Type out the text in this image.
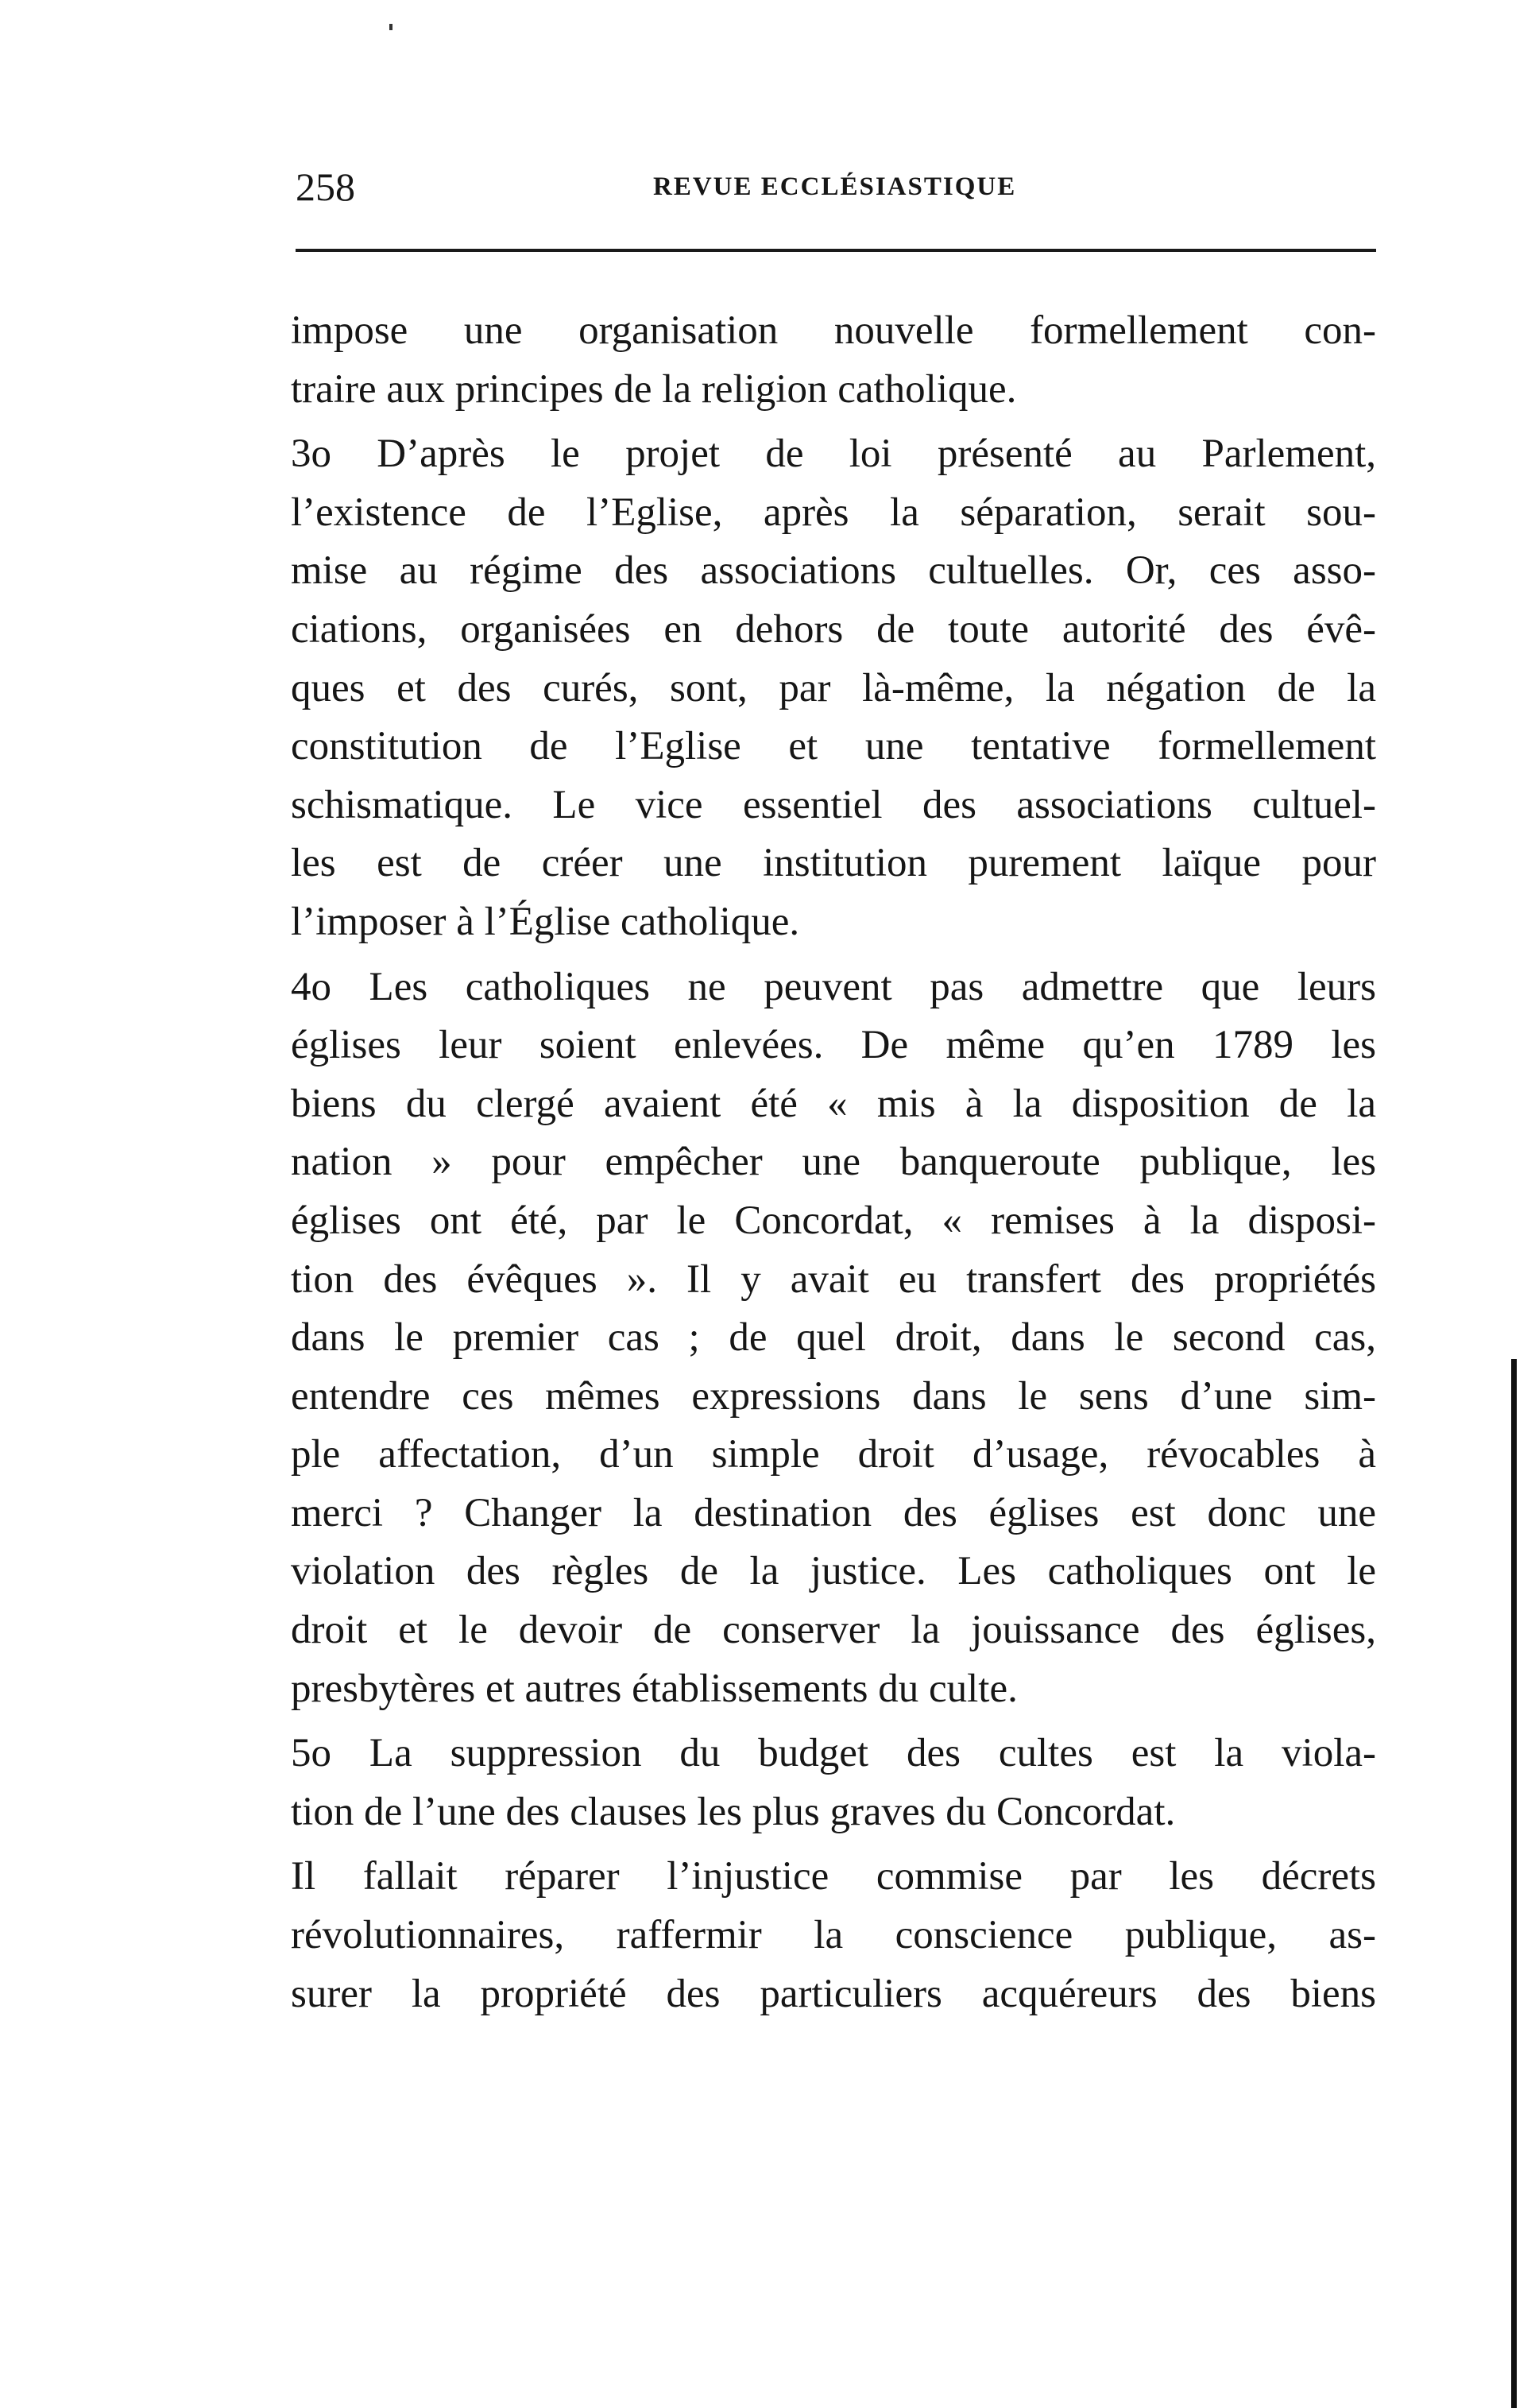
258	REVUE ECCLÉSIASTIQUE

impose une organisation nouvelle formellement con-
traire aux principes de la religion catholique.

3o D’après le projet de loi présenté au Parlement,
l’existence de l’Eglise, après la séparation, serait sou-
mise au régime des associations cultuelles. Or, ces asso-
ciations, organisées en dehors de toute autorité des évê-
ques et des curés, sont, par là-même, la négation de la
constitution de l’Eglise et une tentative formellement
schismatique. Le vice essentiel des associations cultuel-
les est de créer une institution purement laïque pour
l’imposer à l’Église catholique.

4o Les catholiques ne peuvent pas admettre que leurs
églises leur soient enlevées. De même qu’en 1789 les
biens du clergé avaient été « mis à la disposition de la
nation » pour empêcher une banqueroute publique, les
églises ont été, par le Concordat, « remises à la disposi-
tion des évêques ». Il y avait eu transfert des propriétés
dans le premier cas ; de quel droit, dans le second cas,
entendre ces mêmes expressions dans le sens d’une sim-
ple affectation, d’un simple droit d’usage, révocables à
merci ? Changer la destination des églises est donc une
violation des règles de la justice. Les catholiques ont le
droit et le devoir de conserver la jouissance des églises,
presbytères et autres établissements du culte.

5o La suppression du budget des cultes est la viola-
tion de l’une des clauses les plus graves du Concordat.

Il fallait réparer l’injustice commise par les décrets
révolutionnaires, raffermir la conscience publique, as-
surer la propriété des particuliers acquéreurs des biens
